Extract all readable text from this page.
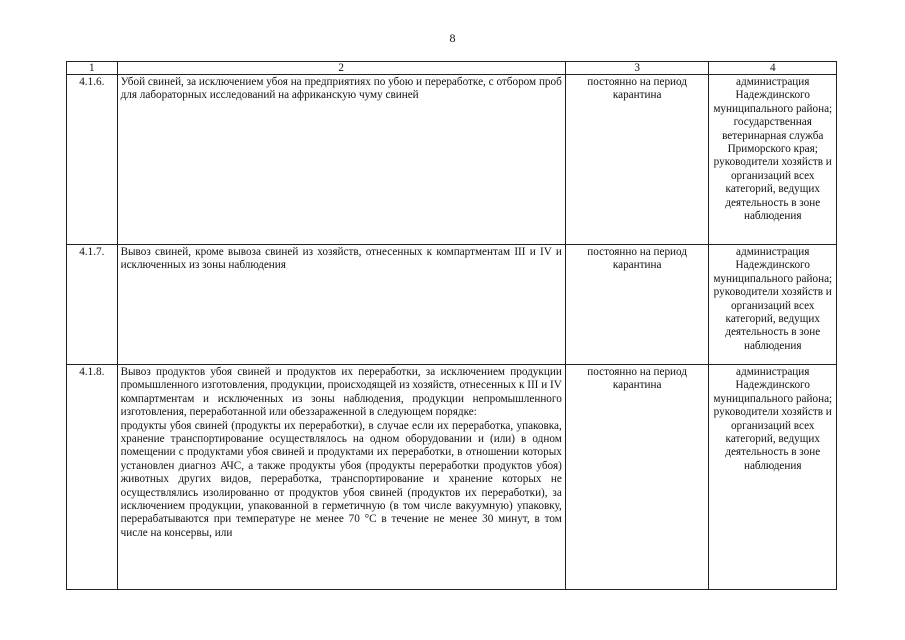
8
1	2	3	4
4.1.6.	Убой свиней, за исключением убоя на предприятиях по убою и переработке, с отбором проб для лабораторных исследований на африканскую чуму свиней	постоянно на период карантина	администрация Надеждинского муниципального района; государственная ветеринарная служба Приморского края; руководители хозяйств и организаций всех категорий, ведущих деятельность в зоне наблюдения
4.1.7.	Вывоз свиней, кроме вывоза свиней из хозяйств, отнесенных к компартментам III и IV и исключенных из зоны наблюдения	постоянно на период карантина	администрация Надеждинского муниципального района; руководители хозяйств и организаций всех категорий, ведущих деятельность в зоне наблюдения
4.1.8.	Вывоз продуктов убоя свиней и продуктов их переработки, за исключением продукции промышленного изготовления, продукции, происходящей из хозяйств, отнесенных к III и IV компартментам и исключенных из зоны наблюдения, продукции непромышленного изготовления, переработанной или обеззараженной в следующем порядке:
продукты убоя свиней (продукты их переработки), в случае если их переработка, упаковка, хранение транспортирование осуществлялось на одном оборудовании и (или) в одном помещении с продуктами убоя свиней и продуктами их переработки, в отношении которых установлен диагноз АЧС, а также продукты убоя (продукты переработки продуктов убоя) животных других видов, переработка, транспортирование и хранение которых не осуществлялись изолированно от продуктов убоя свиней (продуктов их переработки), за исключением продукции, упакованной в герметичную (в том числе вакуумную) упаковку, перерабатываются при температуре не менее 70 °С в течение не менее 30 минут, в том числе на консервы, или	постоянно на период карантина	администрация Надеждинского муниципального района; руководители хозяйств и организаций всех категорий, ведущих деятельность в зоне наблюдения
